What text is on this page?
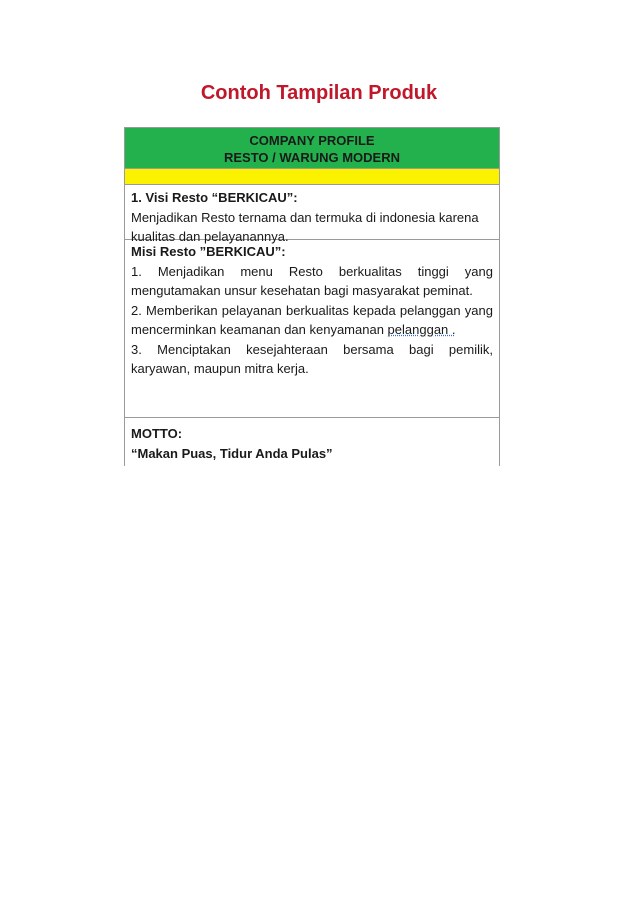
Contoh Tampilan Produk
COMPANY PROFILE
RESTO / WARUNG MODERN
1. Visi Resto “BERKICAU”:
Menjadikan Resto ternama dan termuka di indonesia karena kualitas dan pelayanannya.
Misi Resto ”BERKICAU”:
1. Menjadikan menu Resto berkualitas tinggi yang mengutamakan unsur kesehatan bagi masyarakat peminat.
2. Memberikan pelayanan berkualitas kepada pelanggan yang mencerminkan keamanan dan kenyamanan pelanggan .
3. Menciptakan kesejahteraan bersama bagi pemilik, karyawan, maupun mitra kerja.
MOTTO:
“Makan Puas, Tidur Anda Pulas”
